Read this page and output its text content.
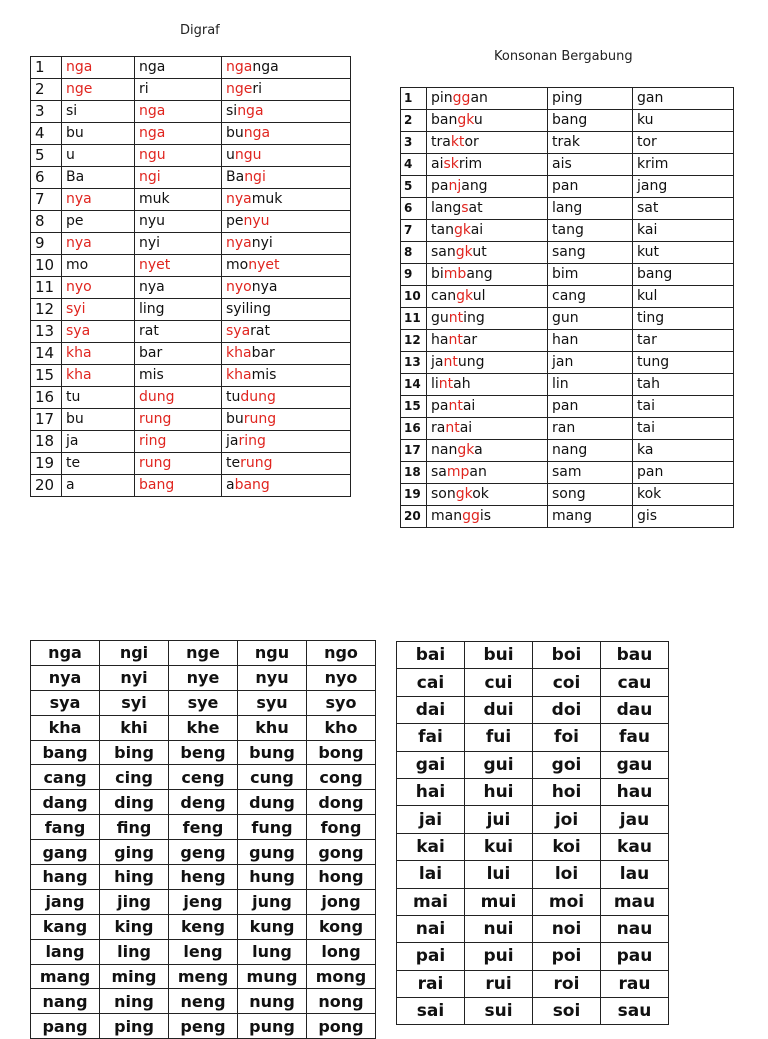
Digraf
Konsonan Bergabung
1	nga	nga	nganga
2	nge	ri	ngeri
3	si	nga	singa
4	bu	nga	bunga
5	u	ngu	ungu
6	Ba	ngi	Bangi
7	nya	muk	nyamuk
8	pe	nyu	penyu
9	nya	nyi	nyanyi
10	mo	nyet	monyet
11	nyo	nya	nyonya
12	syi	ling	syiling
13	sya	rat	syarat
14	kha	bar	khabar
15	kha	mis	khamis
16	tu	dung	tudung
17	bu	rung	burung
18	ja	ring	jaring
19	te	rung	terung
20	a	bang	abang
1	pinggan	ping	gan
2	bangku	bang	ku
3	traktor	trak	tor
4	aiskrim	ais	krim
5	panjang	pan	jang
6	langsat	lang	sat
7	tangkai	tang	kai
8	sangkut	sang	kut
9	bimbang	bim	bang
10	cangkul	cang	kul
11	gunting	gun	ting
12	hantar	han	tar
13	jantung	jan	tung
14	lintah	lin	tah
15	pantai	pan	tai
16	rantai	ran	tai
17	nangka	nang	ka
18	sampan	sam	pan
19	songkok	song	kok
20	manggis	mang	gis
nga	ngi	nge	ngu	ngo
nya	nyi	nye	nyu	nyo
sya	syi	sye	syu	syo
kha	khi	khe	khu	kho
bang	bing	beng	bung	bong
cang	cing	ceng	cung	cong
dang	ding	deng	dung	dong
fang	fing	feng	fung	fong
gang	ging	geng	gung	gong
hang	hing	heng	hung	hong
jang	jing	jeng	jung	jong
kang	king	keng	kung	kong
lang	ling	leng	lung	long
mang	ming	meng	mung	mong
nang	ning	neng	nung	nong
pang	ping	peng	pung	pong
bai	bui	boi	bau
cai	cui	coi	cau
dai	dui	doi	dau
fai	fui	foi	fau
gai	gui	goi	gau
hai	hui	hoi	hau
jai	jui	joi	jau
kai	kui	koi	kau
lai	lui	loi	lau
mai	mui	moi	mau
nai	nui	noi	nau
pai	pui	poi	pau
rai	rui	roi	rau
sai	sui	soi	sau
